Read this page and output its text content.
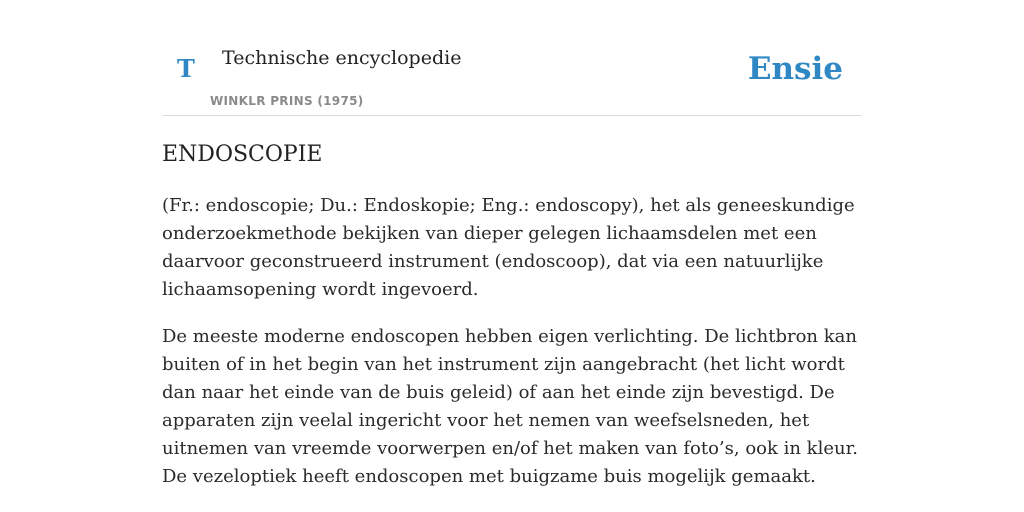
T Technische encyclopedie
WINKLR PRINS (1975)
Ensie
ENDOSCOPIE

(Fr.: endoscopie; Du.: Endoskopie; Eng.: endoscopy), het als geneeskundige onderzoekmethode bekijken van dieper gelegen lichaamsdelen met een daarvoor geconstrueerd instrument (endoscoop), dat via een natuurlijke lichaamsopening wordt ingevoerd.

De meeste moderne endoscopen hebben eigen verlichting. De lichtbron kan buiten of in het begin van het instrument zijn aangebracht (het licht wordt dan naar het einde van de buis geleid) of aan het einde zijn bevestigd. De apparaten zijn veelal ingericht voor het nemen van weefselsneden, het uitnemen van vreemde voorwerpen en/of het maken van foto’s, ook in kleur. De vezeloptiek heeft endoscopen met buigzame buis mogelijk gemaakt.
